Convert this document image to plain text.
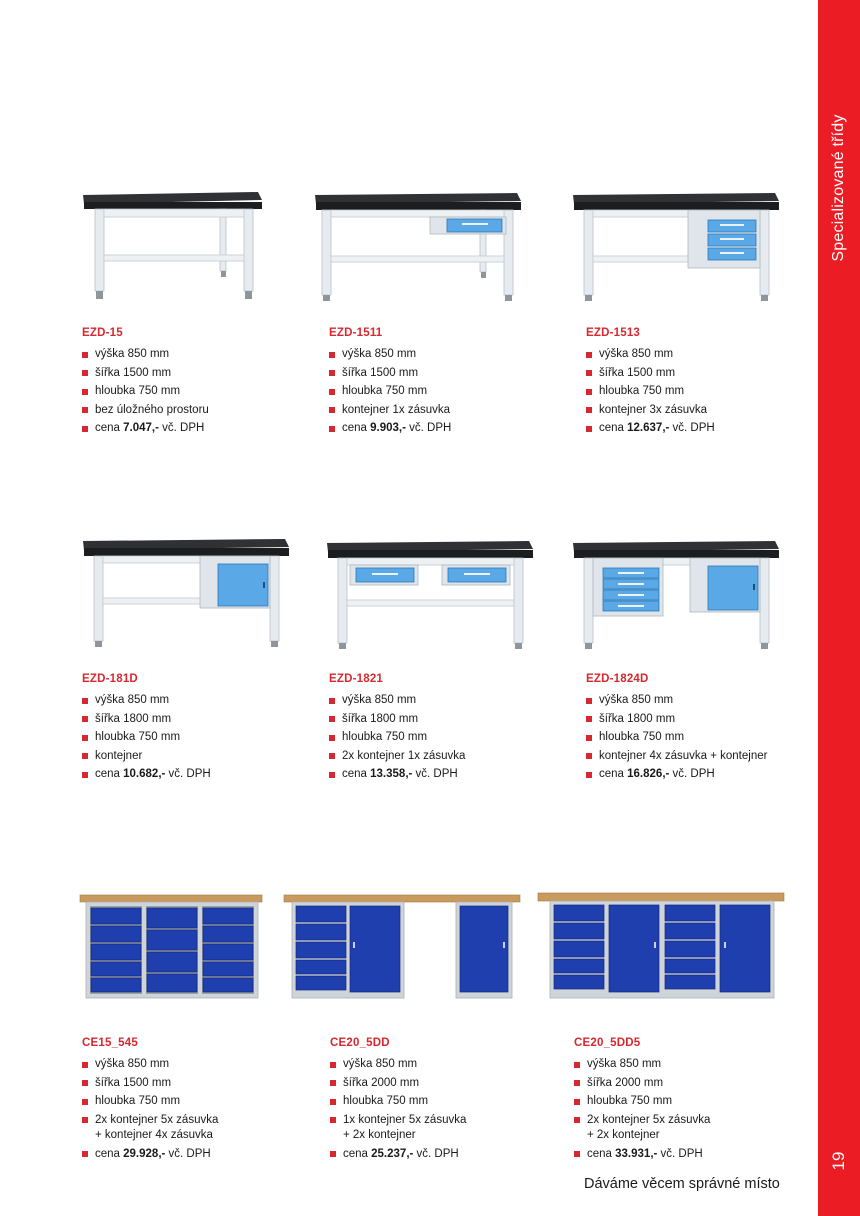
Specializované třídy
19
EZD-15
výška 850 mm
šířka 1500 mm
hloubka 750 mm
bez úložného prostoru
cena 7.047,- vč. DPH
EZD-1511
výška 850 mm
šířka 1500 mm
hloubka 750 mm
kontejner 1x zásuvka
cena 9.903,- vč. DPH
EZD-1513
výška 850 mm
šířka 1500 mm
hloubka 750 mm
kontejner 3x zásuvka
cena 12.637,- vč. DPH
EZD-181D
výška 850 mm
šířka 1800 mm
hloubka 750 mm
kontejner
cena 10.682,- vč. DPH
EZD-1821
výška 850 mm
šířka 1800 mm
hloubka 750 mm
2x kontejner 1x zásuvka
cena 13.358,- vč. DPH
EZD-1824D
výška 850 mm
šířka 1800 mm
hloubka 750 mm
kontejner 4x zásuvka + kontejner
cena 16.826,- vč. DPH
CE15_545
výška 850 mm
šířka 1500 mm
hloubka 750 mm
2x kontejner 5x zásuvka
+ kontejner 4x zásuvka
cena 29.928,- vč. DPH
CE20_5DD
výška 850 mm
šířka 2000 mm
hloubka 750 mm
1x kontejner 5x zásuvka
+ 2x kontejner
cena 25.237,- vč. DPH
CE20_5DD5
výška 850 mm
šířka 2000 mm
hloubka 750 mm
2x kontejner 5x zásuvka
+ 2x kontejner
cena 33.931,- vč. DPH
Dáváme věcem správné místo
